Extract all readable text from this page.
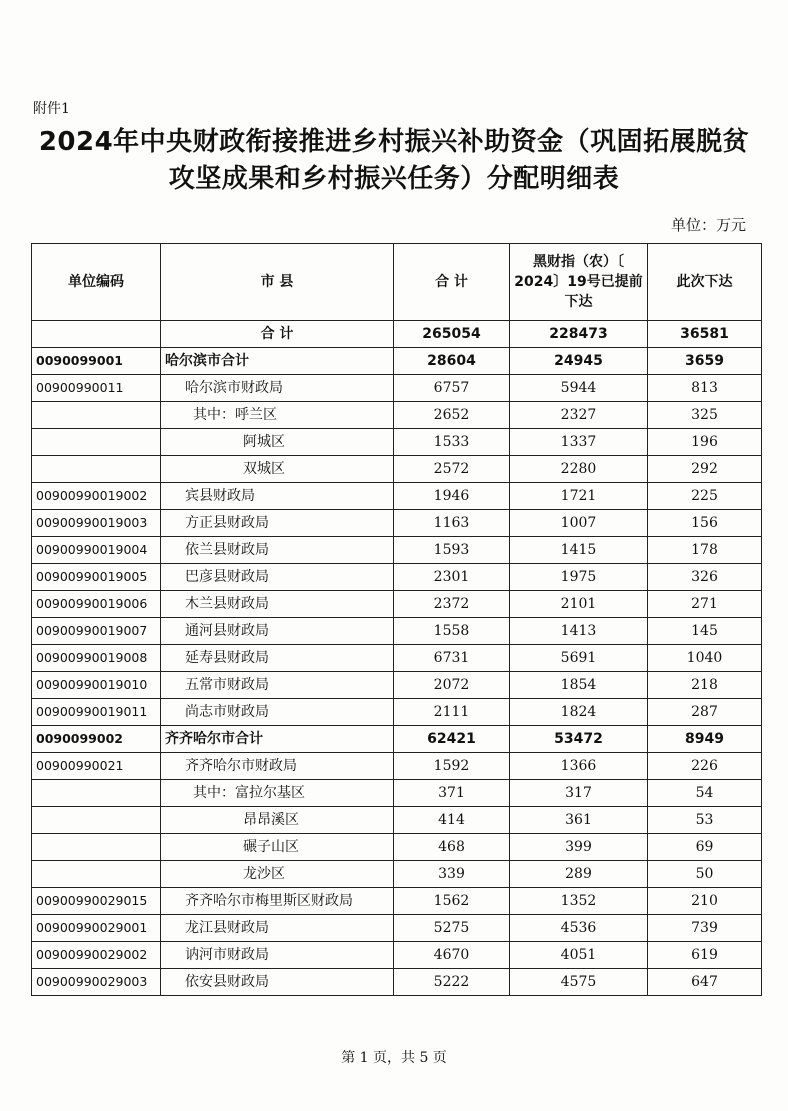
附件1
2024年中央财政衔接推进乡村振兴补助资金（巩固拓展脱贫
攻坚成果和乡村振兴任务）分配明细表
单位：万元
单位编码	市 县	合 计	黑财指（农）〔
2024〕19号已提前
下达	此次下达
	合 计	265054	228473	36581
0090099001	哈尔滨市合计	28604	24945	3659
00900990011	哈尔滨市财政局	6757	5944	813
	其中：呼兰区	2652	2327	325
	阿城区	1533	1337	196
	双城区	2572	2280	292
00900990019002	宾县财政局	1946	1721	225
00900990019003	方正县财政局	1163	1007	156
00900990019004	依兰县财政局	1593	1415	178
00900990019005	巴彦县财政局	2301	1975	326
00900990019006	木兰县财政局	2372	2101	271
00900990019007	通河县财政局	1558	1413	145
00900990019008	延寿县财政局	6731	5691	1040
00900990019010	五常市财政局	2072	1854	218
00900990019011	尚志市财政局	2111	1824	287
0090099002	齐齐哈尔市合计	62421	53472	8949
00900990021	齐齐哈尔市财政局	1592	1366	226
	其中：富拉尔基区	371	317	54
	昂昂溪区	414	361	53
	碾子山区	468	399	69
	龙沙区	339	289	50
00900990029015	齐齐哈尔市梅里斯区财政局	1562	1352	210
00900990029001	龙江县财政局	5275	4536	739
00900990029002	讷河市财政局	4670	4051	619
00900990029003	依安县财政局	5222	4575	647
第 1 页，共 5 页
